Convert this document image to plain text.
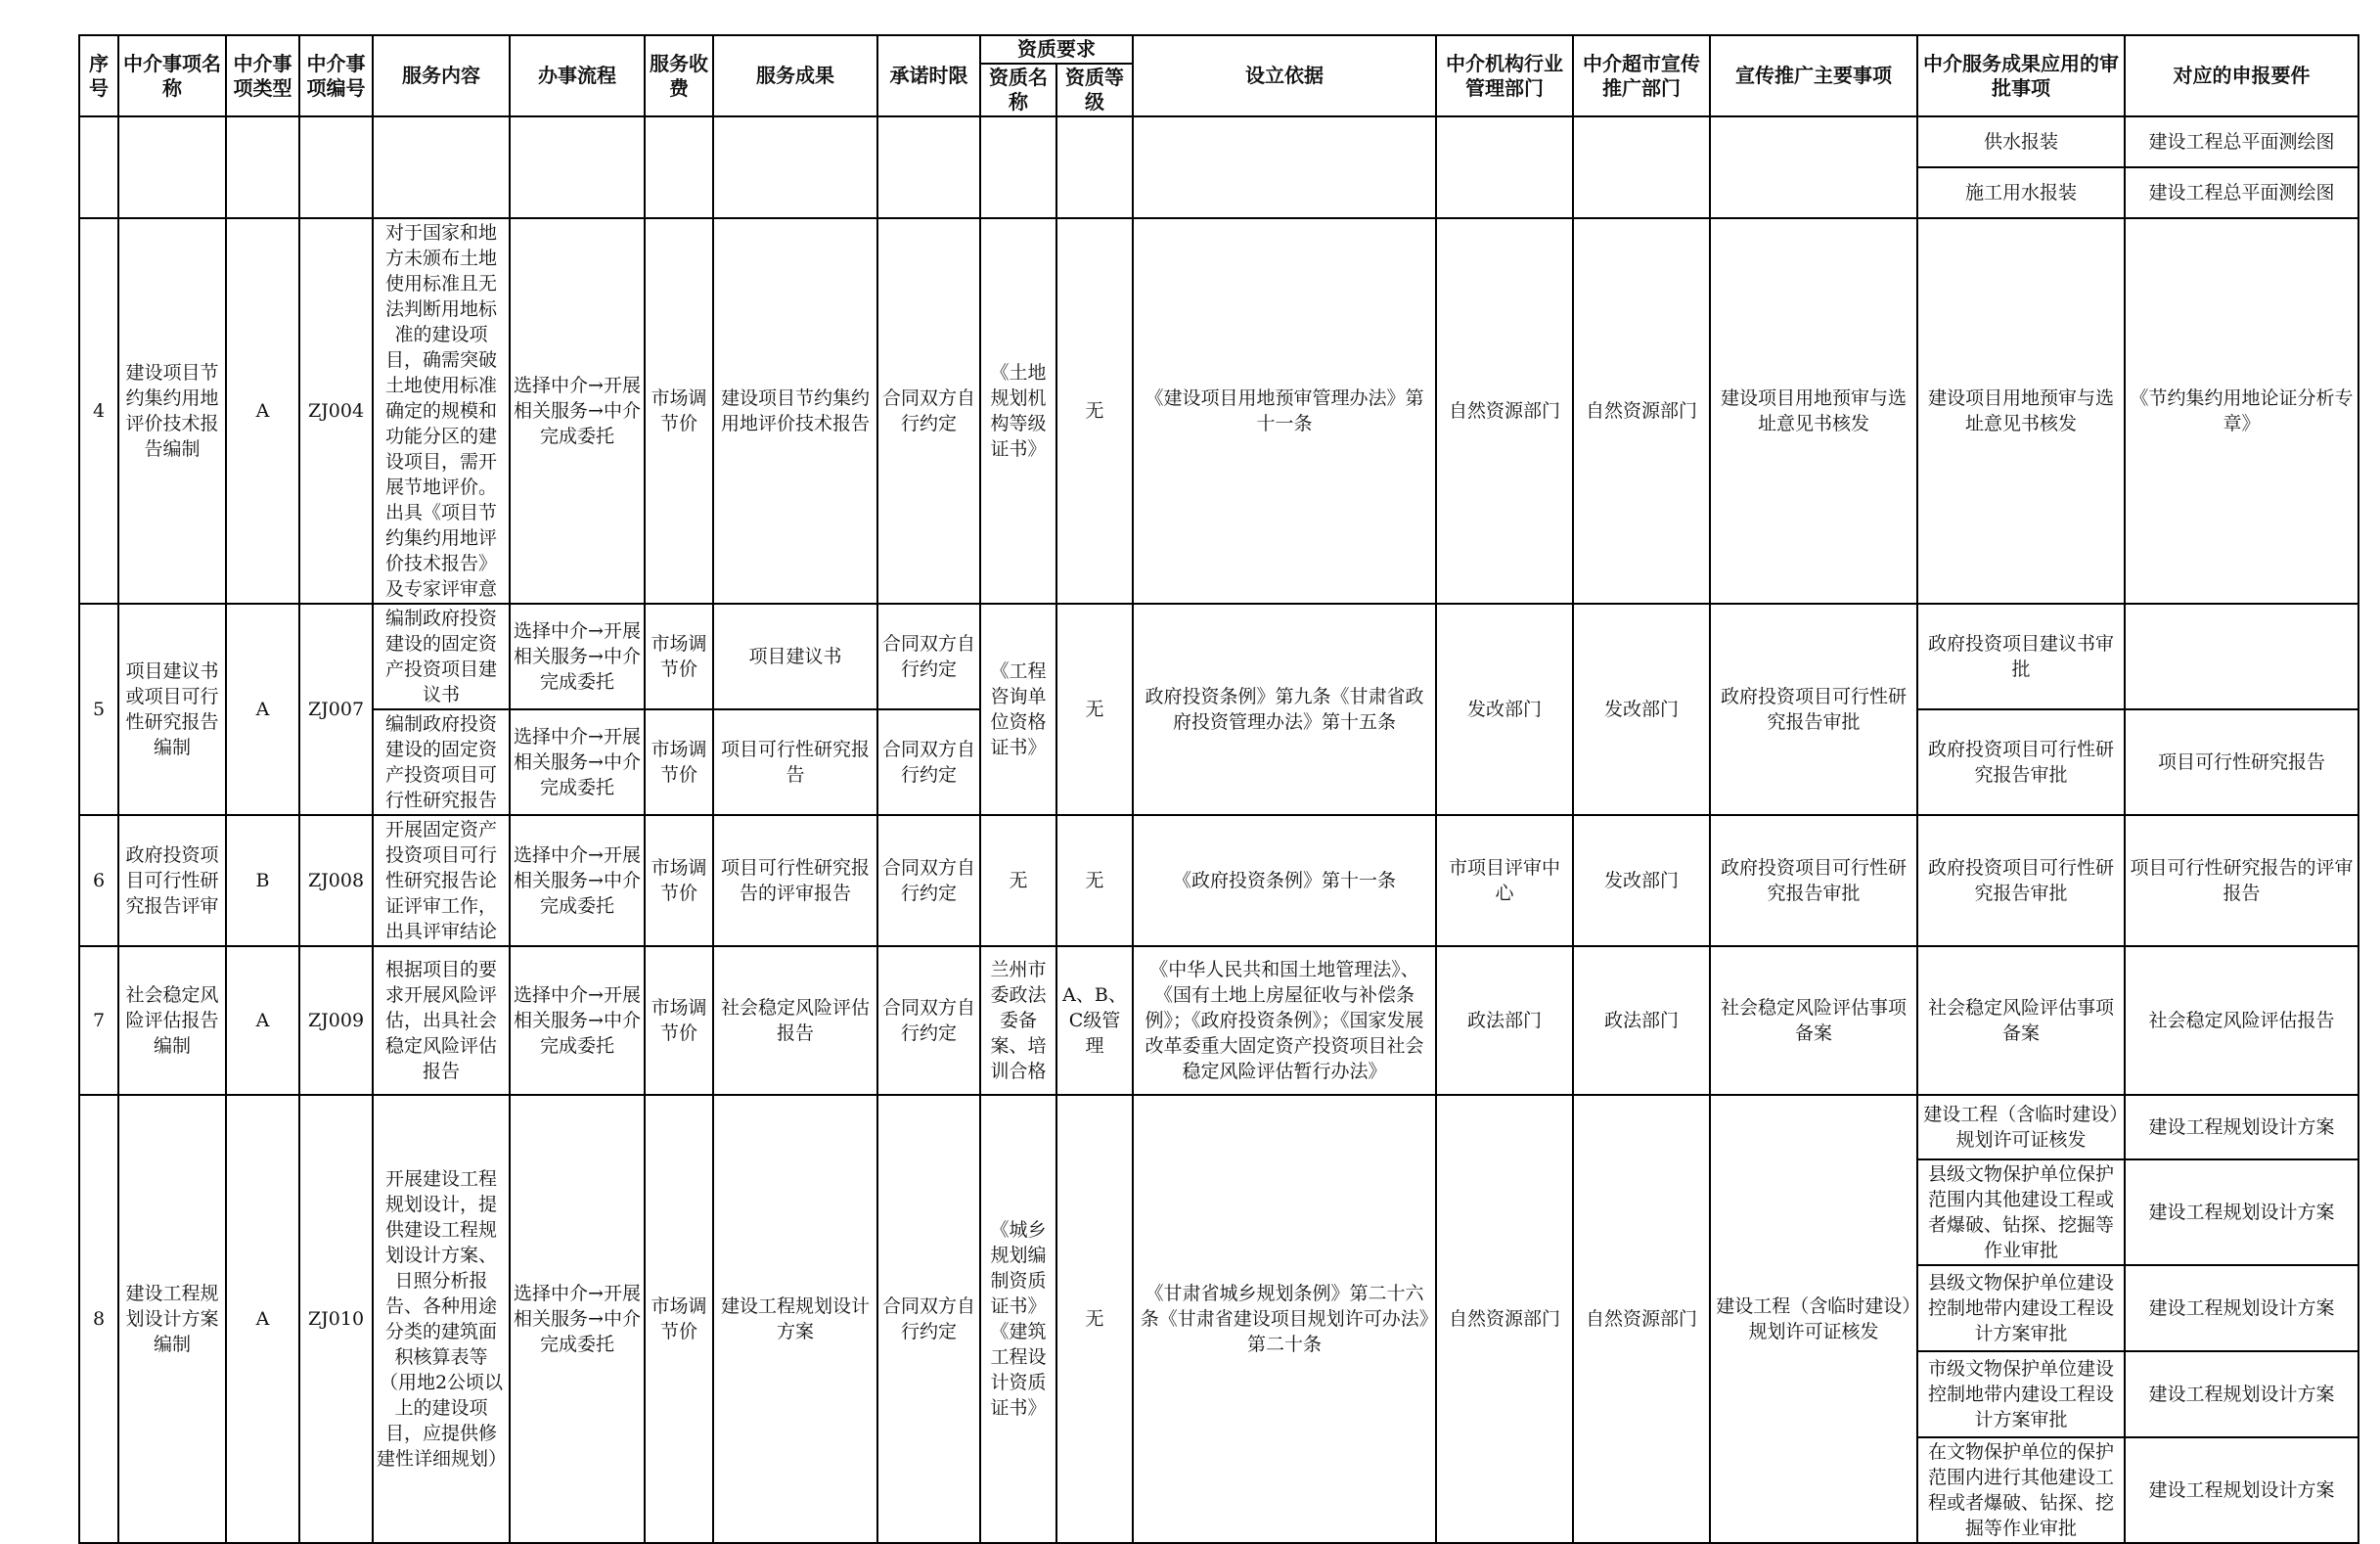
序号	中介事项名称	中介事项类型	中介事项编号	服务内容	办事流程	服务收费	服务成果	承诺时限	资质要求		设立依据	中介机构行业管理部门	中介超市宣传推广部门	宣传推广主要事项	中介服务成果应用的审批事项	对应的申报要件
									资质名称	资质等级						
															供水报装	建设工程总平面测绘图
															施工用水报装	建设工程总平面测绘图
4	建设项目节约集约用地评价技术报告编制	A	ZJ004	对于国家和地方未颁布土地使用标准且无法判断用地标准的建设项目，确需突破土地使用标准确定的规模和功能分区的建设项目，需开展节地评价。出具《项目节约集约用地评价技术报告》及专家评审意	选择中介→开展相关服务→中介完成委托	市场调节价	建设项目节约集约用地评价技术报告	合同双方自行约定	《土地规划机构等级证书》	无	《建设项目用地预审管理办法》第十一条	自然资源部门	自然资源部门	建设项目用地预审与选址意见书核发	建设项目用地预审与选址意见书核发	《节约集约用地论证分析专章》
5	项目建议书或项目可行性研究报告编制	A	ZJ007	编制政府投资建设的固定资产投资项目建议书	选择中介→开展相关服务→中介完成委托	市场调节价	项目建议书	合同双方自行约定	《工程咨询单位资格证书》	无	政府投资条例》第九条《甘肃省政府投资管理办法》第十五条	发改部门	发改部门	政府投资项目可行性研究报告审批	政府投资项目建议书审批	
				编制政府投资建设的固定资产投资项目可行性研究报告	选择中介→开展相关服务→中介完成委托	市场调节价	项目可行性研究报告	合同双方自行约定							政府投资项目可行性研究报告审批	项目可行性研究报告
6	政府投资项目可行性研究报告评审	B	ZJ008	开展固定资产投资项目可行性研究报告论证评审工作，出具评审结论	选择中介→开展相关服务→中介完成委托	市场调节价	项目可行性研究报告的评审报告	合同双方自行约定	无	无	《政府投资条例》第十一条	市项目评审中心	发改部门	政府投资项目可行性研究报告审批	政府投资项目可行性研究报告审批	项目可行性研究报告的评审报告
7	社会稳定风险评估报告编制	A	ZJ009	根据项目的要求开展风险评估，出具社会稳定风险评估报告	选择中介→开展相关服务→中介完成委托	市场调节价	社会稳定风险评估报告	合同双方自行约定	兰州市委政法委备案、培训合格	A、B、C级管理	《中华人民共和国土地管理法》、《国有土地上房屋征收与补偿条例》；《政府投资条例》；《国家发展改革委重大固定资产投资项目社会稳定风险评估暂行办法》	政法部门	政法部门	社会稳定风险评估事项备案	社会稳定风险评估事项备案	社会稳定风险评估报告
8	建设工程规划设计方案编制	A	ZJ010	开展建设工程规划设计，提供建设工程规划设计方案、日照分析报告、各种用途分类的建筑面积核算表等（用地2公顷以上的建设项目，应提供修建性详细规划）	选择中介→开展相关服务→中介完成委托	市场调节价	建设工程规划设计方案	合同双方自行约定	《城乡规划编制资质证书》《建筑工程设计资质证书》	无	《甘肃省城乡规划条例》第二十六条《甘肃省建设项目规划许可办法》第二十条	自然资源部门	自然资源部门	建设工程（含临时建设）规划许可证核发	建设工程（含临时建设）规划许可证核发	建设工程规划设计方案
															县级文物保护单位保护范围内其他建设工程或者爆破、钻探、挖掘等作业审批	建设工程规划设计方案
															县级文物保护单位建设控制地带内建设工程设计方案审批	建设工程规划设计方案
															市级文物保护单位建设控制地带内建设工程设计方案审批	建设工程规划设计方案
															在文物保护单位的保护范围内进行其他建设工程或者爆破、钻探、挖掘等作业审批	建设工程规划设计方案
